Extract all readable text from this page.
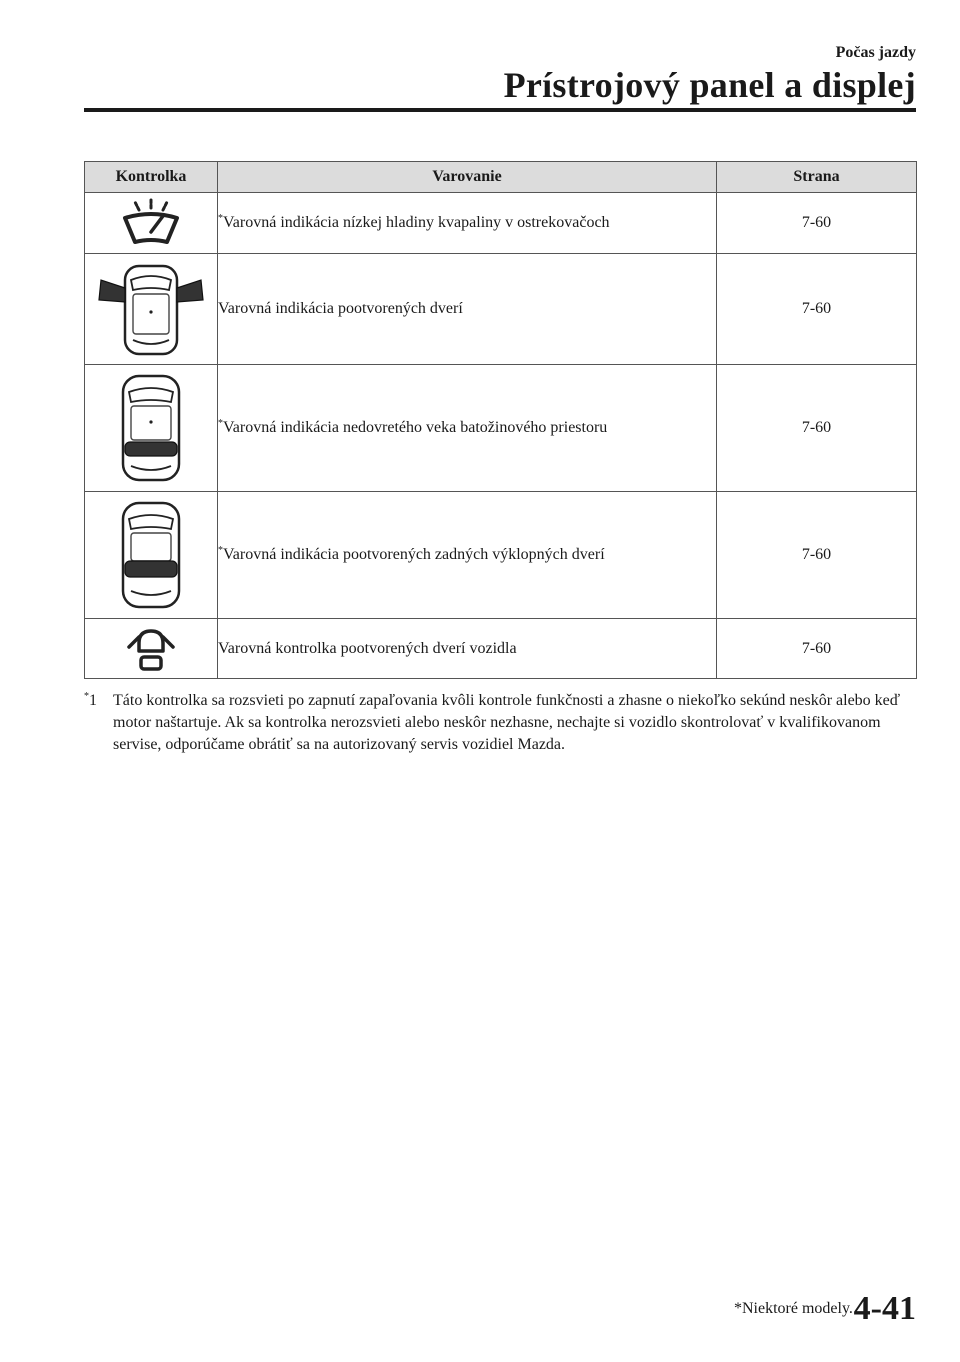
Počas jazdy
Prístrojový panel a displej
Kontrolka	Varovanie	Strana

	*Varovná indikácia nízkej hladiny kvapaliny v ostrekovačoch	7-60

	Varovná indikácia pootvorených dverí	7-60

	*Varovná indikácia nedovretého veka batožinového priestoru	7-60

	*Varovná indikácia pootvorených zadných výklopných dverí	7-60

	Varovná kontrolka pootvorených dverí vozidla	7-60
*1 Táto kontrolka sa rozsvieti po zapnutí zapaľovania kvôli kontrole funkčnosti a zhasne o niekoľko sekúnd neskôr alebo keď motor naštartuje. Ak sa kontrolka nerozsvieti alebo neskôr nezhasne, nechajte si vozidlo skontrolovať v kvalifikovanom servise, odporúčame obrátiť sa na autorizovaný servis vozidiel Mazda.
*Niektoré modely. 4-41
